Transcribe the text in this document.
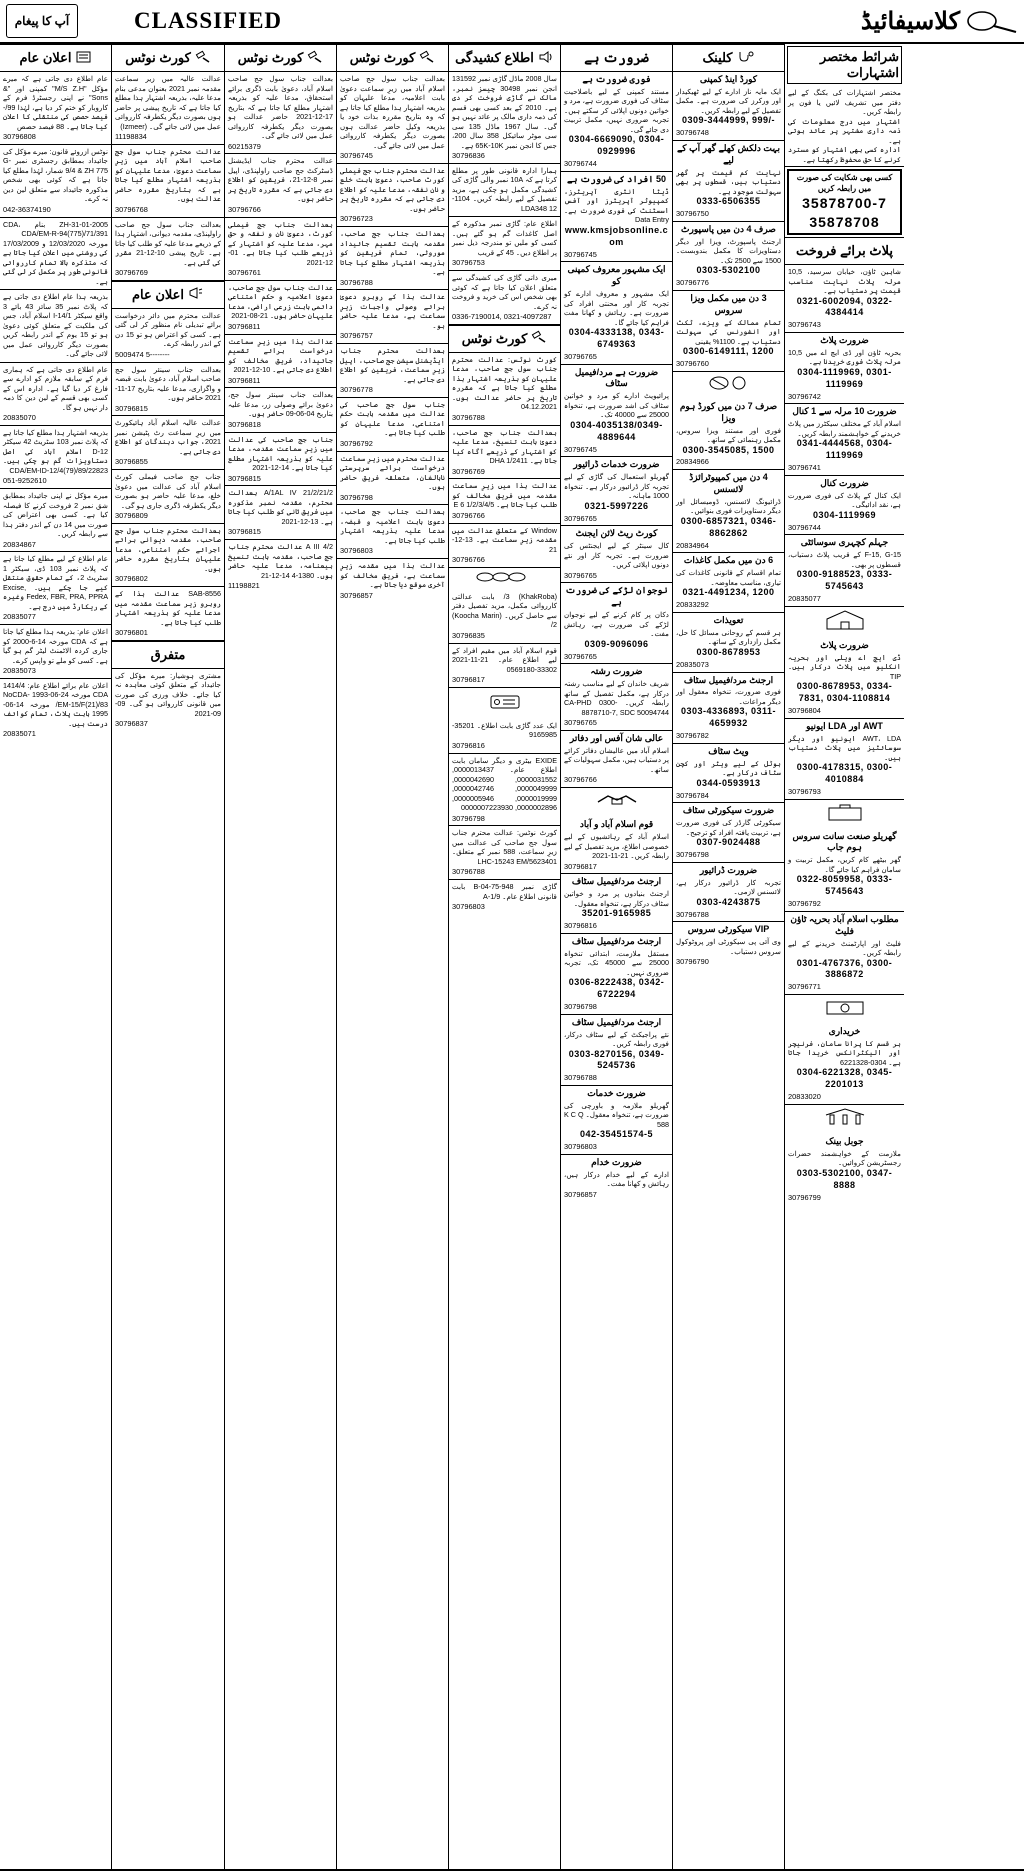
آپ کا پیغام	CLASSIFIED	کلاسیفائیڈ
اعلان عام
عام اطلاع دی جاتی ہے کہ میرے مؤکل "M/S Z.H" کمپنی اور "& Sons" نے اپنی رجسٹرڈ فرم کے کاروبار کو ختم کر دیا ہے، لہٰذا 99/- فیصد حصص کی منتقلی کا اعلان کیا جاتا ہے۔ 88 فیصد حصص
30796808
نوٹس ازروئے قانون: میرے مؤکل کی جائیداد بمطابق رجسٹری نمبر G-9/4 & ZH 775 شمار، لہٰذا مطلع کیا جاتا ہے کہ کوئی بھی شخص مذکورہ جائیداد سے متعلق لین دین نہ کرے۔
042-36374190
ZH-31-01-2005 بنام CDA، CDA/EM-R-94(775)/71/391 مورخہ 12/03/2020 و 17/03/2009 کی روشنی میں اعلان کیا جاتا ہے کہ متذکرہ بالا تمام کارروائی قانونی طور پر مکمل کر لی گئی ہے۔
بذریعہ ہذا عام اطلاع دی جاتی ہے کہ پلاٹ نمبر 35 سائز 43 بائے 3 واقع سیکٹر I-14/1 اسلام آباد، جس کی ملکیت کے متعلق کوئی دعویٰ ہو تو 15 یوم کے اندر رابطہ کریں بصورت دیگر کارروائی عمل میں لائی جائے گی۔
عام اطلاع دی جاتی ہے کہ ہماری فرم کے سابقہ ملازم کو ادارے سے فارغ کر دیا گیا ہے۔ ادارہ اس کے کسی بھی قسم کے لین دین کا ذمہ دار نہیں ہو گا۔
20835070
بذریعہ اشتہار ہذا مطلع کیا جاتا ہے کہ پلاٹ نمبر 103 سٹریٹ 42 سیکٹر D-12 اسلام آباد کی اصل دستاویزات گم ہو چکی ہیں۔ CDA/EM-ID-12/4(79)/89/22823
051-9252610
میرے مؤکل نے اپنی جائیداد بمطابق شق نمبر 2 فروخت کرنے کا فیصلہ کیا ہے۔ کسی بھی اعتراض کی صورت میں 14 دن کے اندر دفتر ہذا سے رابطہ کریں۔
20834867
عام اطلاع کے لیے مطلع کیا جاتا ہے کہ پلاٹ نمبر 103 ڈی، سیکٹر 1 سٹریٹ 2، کے تمام حقوق منتقل کیے جا چکے ہیں۔ Excise, Fedex, FBR, PRA, PPRA وغیرہ کے ریکارڈ میں درج ہے۔
20835077
اعلان عام: بذریعہ ہذا مطلع کیا جاتا ہے کہ CDA مورخہ 14-6-2000 کو جاری کردہ الاٹمنٹ لیٹر گم ہو گیا ہے۔ کسی کو ملے تو واپس کرے۔
20835073
اعلان عام برائے اطلاع عام: 1414/4 CDA مورخہ 24-06-1993 NoCDA-EM-15/F(21)/83/ مورخہ 14-06-1995 بابت پلاٹ، تمام کوائف درست ہیں۔
20835071
کورٹ نوٹس
عدالت عالیہ میں زیر سماعت مقدمہ نمبر 2021 بعنوان مدعی بنام مدعا علیہ، بذریعہ اشتہار ہذا مطلع کیا جاتا ہے کہ تاریخ پیشی پر حاضر ہوں بصورت دیگر یکطرفہ کارروائی عمل میں لائی جائے گی۔ (Izmeer)
11198834
عدالت محترم جناب سول جج صاحب اسلام آباد میں زیرِ سماعت دعویٰ، مدعا علیہان کو بذریعہ اشتہار مطلع کیا جاتا ہے کہ بتاریخ مقررہ حاضر عدالت ہوں۔
30796768
بعدالت جناب سول جج صاحب راولپنڈی، مقدمہ دیوانی، اشتہار ہذا کے ذریعے مدعا علیہ کو طلب کیا جاتا ہے۔ تاریخ پیشی 10-12-21 مقرر کی گئی ہے۔
30796769
اعلان عام
عدالت محترم میں دائر درخواست برائے تبدیلی نام منظور کر لی گئی ہے۔ کسی کو اعتراض ہو تو 15 دن کے اندر رابطہ کرے۔
5009474 5--------
بعدالت جناب سینئر سول جج صاحب اسلام آباد، دعویٰ بابت قبضہ و واگزاری، مدعا علیہ بتاریخ 17-11-2021 حاضر ہوں۔
30796815
عدالت عالیہ اسلام آباد ہائیکورٹ میں زیرِ سماعت رٹ پٹیشن نمبر 2021، جواب دہندگان کو اطلاع دی جاتی ہے۔
30796855
جناب جج صاحب فیملی کورٹ اسلام آباد کی عدالت میں دعویٰ خلع، مدعا علیہ حاضر ہو بصورت دیگر یکطرفہ ڈگری جاری ہو گی۔
30796809
بعدالت محترم جناب سول جج صاحب، مقدمہ دیوانی برائے اجرائے حکم امتناعی، مدعا علیہان بتاریخ مقررہ حاضر ہوں۔
30796802
SAB-8556 عدالت ہذا کے روبرو زیر سماعت مقدمہ میں مدعا علیہ کو بذریعہ اشتہار طلب کیا جاتا ہے۔
30796801
متفرق
مشتری ہوشیار: میرے مؤکل کی جائیداد کے متعلق کوئی معاہدہ نہ کیا جائے۔ خلاف ورزی کی صورت میں قانونی کارروائی ہو گی۔ 09-09-2021
30796837
کورٹ نوٹس
بعدالت جناب سول جج صاحب اسلام آباد، دعویٰ بابت ڈگری برائے استحقاق، مدعا علیہ کو بذریعہ اشتہار مطلع کیا جاتا ہے کہ بتاریخ 17-12-2021 حاضر عدالت ہو بصورت دیگر یکطرفہ کارروائی عمل میں لائی جائے گی۔
60215379
عدالت محترم جناب ایڈیشنل ڈسٹرکٹ جج صاحب راولپنڈی، اپیل نمبر 8-12-21، فریقین کو اطلاع دی جاتی ہے کہ مقررہ تاریخ پر حاضر ہوں۔
30796766
بعدالت جناب جج فیملی کورٹ، دعویٰ نان و نفقہ و حق مہر، مدعا علیہ کو اشتہار کے ذریعے طلب کیا جاتا ہے۔ 01-12-2021
30796761
عدالت جناب سول جج صاحب، دعویٰ اعلامیہ و حکم امتناعی دائمی بابت زرعی اراضی، مدعا علیہان حاضر ہوں۔ 21-08-2021
30796811
عدالت ہذا میں زیرِ سماعت درخواست برائے تقسیم جائیداد، فریق مخالف کو اطلاع دی جاتی ہے۔ 10-12-2021
30796811
بعدالت جناب سینئر سول جج، دعویٰ برائے وصولی زر، مدعا علیہ بتاریخ 04-06-09 حاضر ہوں۔
30796818
جناب جج صاحب کی عدالت میں زیرِ سماعت مقدمہ، مدعا علیہ کو بذریعہ اشتہار مطلع کیا جاتا ہے۔ 14-12-2021
30796815
2/A/1AL IV 21/2/21 بعدالت محترم، مقدمہ نمبر مذکورہ میں فریق ثانی کو طلب کیا جاتا ہے۔ 13-12-2021
30796815
A III 4/2 عدالت محترم جناب جج صاحب، مقدمہ بابت تنسیخ بیعنامہ، مدعا علیہ حاضر ہوں۔ 1380-4 14-12-21
11198821
کورٹ نوٹس
بعدالت جناب سول جج صاحب اسلام آباد میں زیرِ سماعت دعویٰ بابت اعلامیہ، مدعا علیہان کو بذریعہ اشتہار ہذا مطلع کیا جاتا ہے کہ وہ بتاریخ مقررہ بذات خود یا بذریعہ وکیل حاضر عدالت ہوں بصورت دیگر یکطرفہ کارروائی عمل میں لائی جائے گی۔
30796745
عدالت محترم جناب جج فیملی کورٹ صاحب، دعویٰ بابت خلع و نان نفقہ، مدعا علیہ کو اطلاع دی جاتی ہے کہ مقررہ تاریخ پر حاضر ہوں۔
30796723
بعدالت جناب جج صاحب، مقدمہ بابت تقسیم جائیداد موروثی، تمام فریقین کو بذریعہ اشتہار مطلع کیا جاتا ہے۔
30796788
عدالت ہذا کے روبرو دعویٰ برائے وصولی واجبات زیرِ سماعت ہے، مدعا علیہ حاضر ہو۔
30796757
بعدالت محترم جناب ایڈیشنل سیشن جج صاحب، اپیل زیرِ سماعت، فریقین کو اطلاع دی جاتی ہے۔
30796778
جناب سول جج صاحب کی عدالت میں مقدمہ بابت حکم امتناعی، مدعا علیہان کو طلب کیا جاتا ہے۔
30796792
عدالت محترم میں زیرِ سماعت درخواست برائے سرپرستی نابالغان، متعلقہ فریق حاضر ہوں۔
30796798
بعدالت جناب جج صاحب، دعویٰ بابت اعلامیہ و قبضہ، مدعا علیہ بذریعہ اشتہار طلب کیا جاتا ہے۔
30796803
عدالت ہذا میں مقدمہ زیرِ سماعت ہے، فریق مخالف کو آخری موقع دیا جاتا ہے۔
30796857
اطلاع کشیدگی
سال 2008 ماڈل گاڑی نمبر 131592 انجن نمبر 30498 چیسز نمبر، مالک نے گاڑی فروخت کر دی ہے۔ 2010 کے بعد کسی بھی قسم کی ذمہ داری مالک پر عائد نہیں ہو گی۔ سال 1967 ماڈل 135 سی سی موٹر سائیکل 358 سال 200، جس کا انجن نمبر 65K-10K ہے۔
30796836
ہمارا ادارہ قانونی طور پر مطلع کرتا ہے کہ 10A نمبر والی گاڑی کی کشیدگی مکمل ہو چکی ہے، مزید تفصیل کے لیے رابطہ کریں۔ 1104-12 LDA348
اطلاع عام: گاڑی نمبر مذکورہ کے اصل کاغذات گم ہو گئے ہیں۔ کسی کو ملیں تو مندرجہ ذیل نمبر پر اطلاع دیں۔ 45 کے قریب
30796753
میری ذاتی گاڑی کی کشیدگی سے متعلق اعلان کیا جاتا ہے کہ کوئی بھی شخص اس کی خرید و فروخت نہ کرے۔
0336-7190014, 0321-4097287
کورٹ نوٹس
کورٹ نوٹس: عدالت محترم جناب سول جج صاحب، مدعا علیہان کو بذریعہ اشتہار ہذا مطلع کیا جاتا ہے کہ مقررہ تاریخ پر حاضر عدالت ہوں۔ 04.12.2021
30796788
بعدالت جناب جج صاحب، دعویٰ بابت تنسیخ، مدعا علیہ کو اشتہار کے ذریعے آگاہ کیا جاتا ہے۔ DHA 1/2411
30796769
عدالت ہذا میں زیرِ سماعت مقدمہ میں فریق مخالف کو طلب کیا جاتا ہے۔ 1/2/3/4/5 E 6
30796766
Window کے متعلق عدالت میں مقدمہ زیرِ سماعت ہے۔ 13-12-21
30796766
(KhakRoba) 3/ بابت عدالتی کارروائی مکمل، مزید تفصیل دفتر سے حاصل کریں۔ (Koocha Marin) 2/
30796835
قوم اسلام آباد میں مقیم افراد کے لیے اطلاع عام۔ 21-11-2021 33302-0569180
30796817
ایک عدد گاڑی بابت اطلاع۔ 35201-9165985
30796816
EXIDE بیٹری و دیگر سامان بابت اطلاع عام۔ 0000013437, 0000031552, 0000042690, 0000049999, 0000042746, 0000019999, 0000005946, 0000002896, 0000007223930
30796798
کورٹ نوٹس: عدالت محترم جناب سول جج صاحب کی عدالت میں زیرِ سماعت، 588 نمبر کے متعلق۔ LHC-15243 EM/5623401
30796788
گاڑی نمبر 948-75-B-04 بابت قانونی اطلاع عام۔ 9/A-1
30796803
ضرورت ہے
فوری ضرورت ہے
مستند کمپنی کے لیے باصلاحیت سٹاف کی فوری ضرورت ہے، مرد و خواتین دونوں اپلائی کر سکتے ہیں۔ تجربہ ضروری نہیں، مکمل تربیت دی جائے گی۔
0304-6669090, 0304-0929996
30796744
50 افراد کی ضرورت ہے
ڈیٹا انٹری آپریٹرز، کمپیوٹر آپریٹرز اور آفس اسسٹنٹ کی فوری ضرورت ہے۔ Data Entry
www.kmsjobsonline.com
30796745
ایک مشہور معروف کمپنی کو
ایک مشہور و معروف ادارے کو تجربہ کار اور محنتی افراد کی ضرورت ہے۔ رہائش و کھانا مفت فراہم کیا جائے گا۔
0304-4333138, 0343-6749363
30796765
ضرورت ہے مرد/فیمیل سٹاف
پرائیویٹ ادارے کو مرد و خواتین سٹاف کی اشد ضرورت ہے، تنخواہ 25000 سے 40000 تک۔
0304-4035138/0349-4889644
30796745
ضرورت خدمات ڈرائیور
گھریلو استعمال کی گاڑی کے لیے تجربہ کار ڈرائیور درکار ہے۔ تنخواہ 1000 ماہانہ۔
0321-5997226
30796765
کورٹ ریٹ لائن ایجنٹ
کال سینٹر کے لیے ایجنٹس کی ضرورت ہے۔ تجربہ کار اور نئے دونوں اپلائی کریں۔
30796765
نوجوان لڑکے کی ضرورت ہے
دکان پر کام کرنے کے لیے نوجوان لڑکے کی ضرورت ہے، رہائش مفت۔
0309-9096096
30796765
ضرورت رشتہ
شریف خاندان کے لیے مناسب رشتہ درکار ہے، مکمل تفصیل کے ساتھ رابطہ کریں۔ CA-PHD 0300-8878710-7, SDC 50094744
30796765
عالی شان آفس اور دفاتر
اسلام آباد میں عالیشان دفاتر کرائے پر دستیاب ہیں، مکمل سہولیات کے ساتھ۔
30796766
قوم اسلام آباد و آباد
اسلام آباد کے رہائشیوں کے لیے خصوصی اطلاع، مزید تفصیل کے لیے رابطہ کریں۔ 21-11-2021
30796817
ارجنٹ مرد/فیمیل سٹاف
ارجنٹ بنیادوں پر مرد و خواتین سٹاف درکار ہے، تنخواہ معقول۔
35201-9165985
30796816
ارجنٹ مرد/فیمیل سٹاف
مستقل ملازمت، ابتدائی تنخواہ 25000 سے 45000 تک، تجربہ ضروری نہیں۔
0306-8222438, 0342-6722294
30796798
ارجنٹ مرد/فیمیل سٹاف
نئے پراجیکٹ کے لیے سٹاف درکار، فوری رابطہ کریں۔
0303-8270156, 0349-5245736
30796788
ضرورت خدمات
گھریلو ملازمہ و باورچی کی ضرورت ہے، تنخواہ معقول۔ K C Q 588
042-35451574-5
30796803
ضرورت خدام
ادارے کے لیے خدام درکار ہیں، رہائش و کھانا مفت۔
30796857
کلینک
کورڈ اینڈ کمپنی
ایک مایہ ناز ادارے کے لیے ٹھیکیدار اور ورکرز کی ضرورت ہے۔ مکمل تفصیل کے لیے رابطہ کریں۔
0309-3444999, 999/-
30796748
بہت دلکش کھلے گھر آپ کے لیے
نہایت کم قیمت پر گھر دستیاب ہیں، قسطوں پر بھی سہولت موجود ہے۔
0333-6506355
30796750
صرف 4 دن میں پاسپورٹ
ارجنٹ پاسپورٹ، ویزا اور دیگر دستاویزات کا مکمل بندوبست۔ 1500 سے 2500 تک۔
0303-5302100
30796776
3 دن میں مکمل ویزا سروس
تمام ممالک کے ویزے، ٹکٹ اور انشورنس کی سہولت دستیاب ہے۔ 1100% یقینی
0300-6149111, 1200
30796760
صرف 7 دن میں کورڈ ہوم ویزا
فوری اور مستند ویزا سروس، مکمل رہنمائی کے ساتھ۔
0300-3545085, 1500
20834966
4 دن میں کمپیوٹرائزڈ لائسنس
ڈرائیونگ لائسنس، ڈومیسائل اور دیگر دستاویزات فوری بنوائیں۔
0300-6857321, 0346-8862862
20834964
6 دن میں مکمل کاغذات
تمام اقسام کے قانونی کاغذات کی تیاری، مناسب معاوضہ۔
0321-4491234, 1200
20833292
تعویذات
ہر قسم کے روحانی مسائل کا حل، مکمل رازداری کے ساتھ۔
0300-8678953
20835073
ارجنٹ مرد/فیمیل سٹاف
فوری ضرورت، تنخواہ معقول اور دیگر مراعات۔
0303-4336893, 0311-4659932
30796782
ویٹ سٹاف
ہوٹل کے لیے ویٹر اور کچن سٹاف درکار ہے۔
0344-0593913
30796784
ضرورت سیکورٹی سٹاف
سیکورٹی گارڈز کی فوری ضرورت ہے، تربیت یافتہ افراد کو ترجیح۔
0307-9024488
30796798
ضرورت ڈرائیور
تجربہ کار ڈرائیور درکار ہے، لائسنس لازمی۔
0303-4243875
30796788
VIP سیکورٹی سروس
وی آئی پی سیکورٹی اور پروٹوکول سروس دستیاب۔
30796790
شرائط مختصر اشتہارات
مختصر اشتہارات کی بکنگ کے لیے دفتر میں تشریف لائیں یا فون پر رابطہ کریں۔
اشتہار میں درج معلومات کی ذمہ داری مشتہر پر عائد ہوتی ہے۔
ادارہ کسی بھی اشتہار کو مسترد کرنے کا حق محفوظ رکھتا ہے۔
کسی بھی شکایت کی صورت میں رابطہ کریں
35878700-7
35878708
پلاٹ برائے فروخت
شاہین ٹاؤن، خیابان سرسید، 10,5 مرلہ پلاٹ نہایت مناسب قیمت پر دستیاب ہے۔
0321-6002094, 0322-4384414
30796743
ضرورت پلاٹ
بحریہ ٹاؤن اور ڈی ایچ اے میں 10,5 مرلہ پلاٹ فوری خریدنا ہے۔
0304-1119969, 0301-1119969
30796742
ضرورت 10 مرلہ سے 1 کنال
اسلام آباد کے مختلف سیکٹرز میں پلاٹ خریدنے کے خواہشمند رابطہ کریں۔
0341-4444568, 0304-1119969
30796741
ضرورت کنال
ایک کنال کے پلاٹ کی فوری ضرورت ہے، نقد ادائیگی۔
0304-1119969
30796744
جہلم کچہری سوسائٹی
F-15, G-15 کے قریب پلاٹ دستیاب، قسطوں پر بھی۔
0300-9188523, 0333-5745643
20835077
ضرورت پلاٹ
ڈی ایچ اے ویلی اور بحریہ انکلیو میں پلاٹ درکار ہیں۔ TIP
0300-8678953, 0334-7831, 0304-1108814
30796804
AWT اور LDA ایونیو
AWT، LDA ایونیو اور دیگر سوسائٹیز میں پلاٹ دستیاب ہیں۔
0300-4178315, 0300-4010884
30796793
گھریلو صنعت سانت سروس ہوم جاب
گھر بیٹھے کام کریں، مکمل تربیت و سامان فراہم کیا جائے گا۔
0322-8059958, 0333-5745643
30796792
مطلوب اسلام آباد بحریہ ٹاؤن فلیٹ
فلیٹ اور اپارٹمنٹ خریدنے کے لیے رابطہ کریں۔
0301-4767376, 0300-3886872
30796771
خریداری
ہر قسم کا پرانا سامان، فرنیچر اور الیکٹرانکس خریدا جاتا ہے۔ 0304-6221328
0304-6221328, 0345-2201013
20833020
جوبل بینک
ملازمت کے خواہشمند حضرات رجسٹریشن کروائیں۔
0303-5302100, 0347-8888
30796799
